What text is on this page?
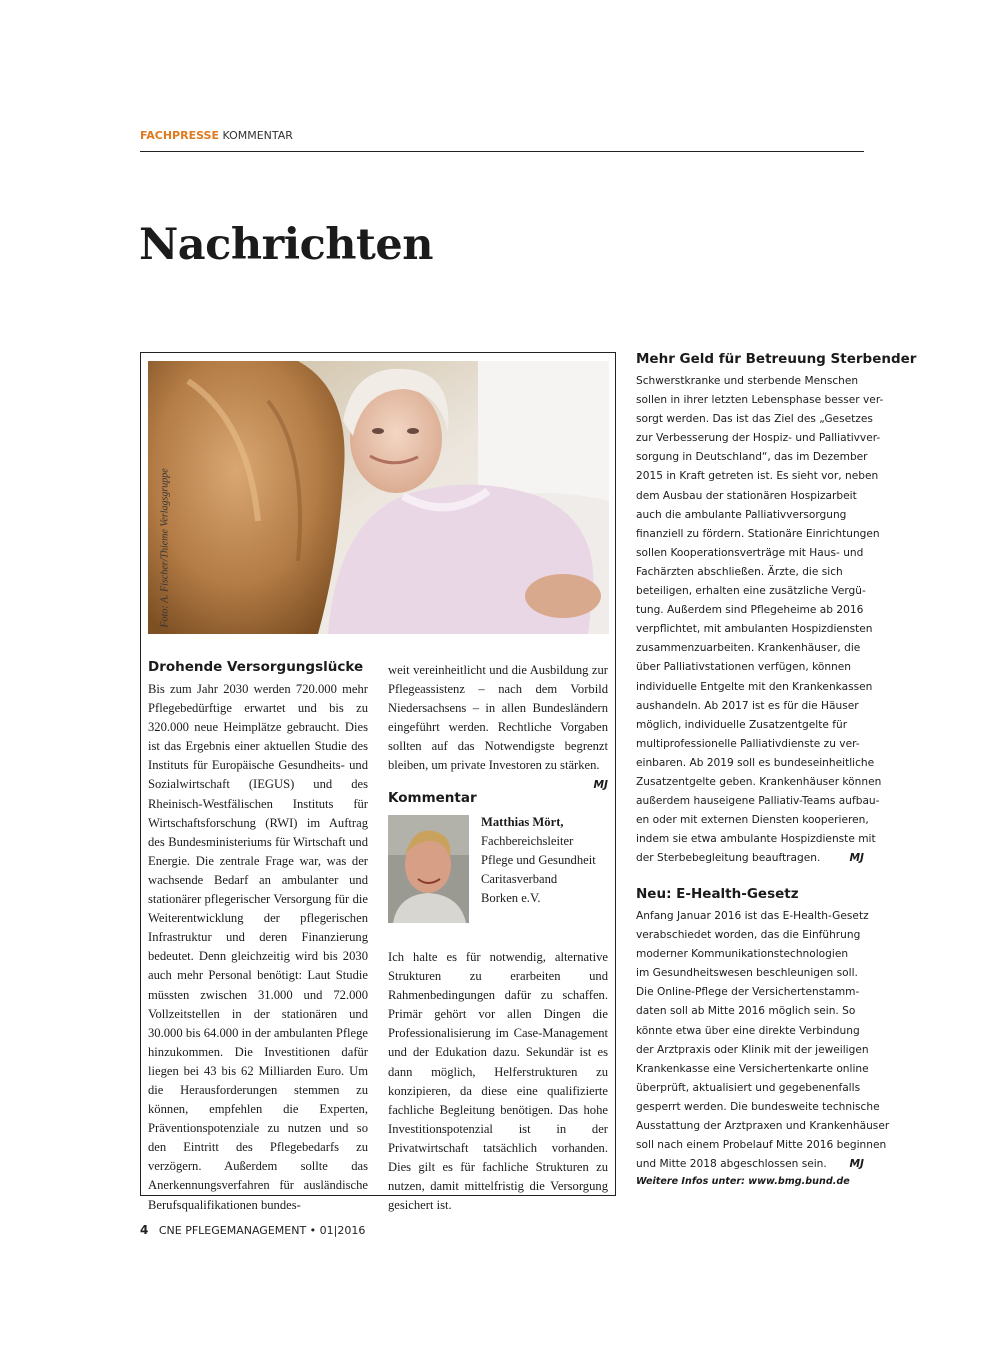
FACHPRESSE KOMMENTAR
Nachrichten
Foto: A. Fischer/Thieme Verlagsgruppe
Drohende Versorgungslücke
Bis zum Jahr 2030 werden 720.000 mehr Pflegebedürftige erwartet und bis zu 320.000 neue Heimplätze gebraucht. Dies ist das Ergebnis einer aktuellen Studie des Instituts für Europäische Gesundheits- und Sozialwirtschaft (IEGUS) und des Rheinisch-Westfälischen Instituts für Wirtschaftsforschung (RWI) im Auftrag des Bundesministeriums für Wirtschaft und Energie. Die zentrale Frage war, was der wachsende Bedarf an ambulanter und stationärer pflegerischer Versorgung für die Weiterentwicklung der pflegerischen Infrastruktur und deren Finanzierung bedeutet. Denn gleichzeitig wird bis 2030 auch mehr Personal benötigt: Laut Studie müssten zwischen 31.000 und 72.000 Vollzeitstellen in der stationären und 30.000 bis 64.000 in der ambulanten Pflege hinzukommen. Die Investitionen dafür liegen bei 43 bis 62 Milliarden Euro. Um die Herausforderungen stemmen zu können, empfehlen die Experten, Präventionspotenziale zu nutzen und so den Eintritt des Pflegebedarfs zu verzögern. Außerdem sollte das Anerkennungsverfahren für ausländische Berufsqualifikationen bundes-
weit vereinheitlicht und die Ausbildung zur Pflegeassistenz – nach dem Vorbild Niedersachsens – in allen Bundesländern eingeführt werden. Rechtliche Vorgaben sollten auf das Notwendigste begrenzt bleiben, um private Investoren zu stärken.
MJ
Kommentar
Matthias Mört,
Fachbereichsleiter
Pflege und Gesundheit
Caritasverband
Borken e.V.
Ich halte es für notwendig, alternative Strukturen zu erarbeiten und Rahmenbedingungen dafür zu schaffen. Primär gehört vor allen Dingen die Professionalisierung im Case-Management und der Edukation dazu. Sekundär ist es dann möglich, Helferstrukturen zu konzipieren, da diese eine qualifizierte fachliche Begleitung benötigen. Das hohe Investitionspotenzial ist in der Privatwirtschaft tatsächlich vorhanden. Dies gilt es für fachliche Strukturen zu nutzen, damit mittelfristig die Versorgung gesichert ist.
Mehr Geld für Betreuung Sterbender
Schwerstkranke und sterbende Menschen
sollen in ihrer letzten Lebensphase besser ver-
sorgt werden. Das ist das Ziel des „Gesetzes
zur Verbesserung der Hospiz- und Palliativver-
sorgung in Deutschland“, das im Dezember
2015 in Kraft getreten ist. Es sieht vor, neben
dem Ausbau der stationären Hospizarbeit
auch die ambulante Palliativversorgung
finanziell zu fördern. Stationäre Einrichtungen
sollen Kooperationsverträge mit Haus- und
Fachärzten abschließen. Ärzte, die sich
beteiligen, erhalten eine zusätzliche Vergü-
tung. Außerdem sind Pflegeheime ab 2016
verpflichtet, mit ambulanten Hospizdiensten
zusammenzuarbeiten. Krankenhäuser, die
über Palliativstationen verfügen, können
individuelle Entgelte mit den Krankenkassen
aushandeln. Ab 2017 ist es für die Häuser
möglich, individuelle Zusatzentgelte für
multiprofessionelle Palliativdienste zu ver-
einbaren. Ab 2019 soll es bundeseinheitliche
Zusatzentgelte geben. Krankenhäuser können
außerdem hauseigene Palliativ-Teams aufbau-
en oder mit externen Diensten kooperieren,
indem sie etwa ambulante Hospizdienste mit
der Sterbebegleitung beauftragen.	MJ
Neu: E-Health-Gesetz
Anfang Januar 2016 ist das E-Health-Gesetz
verabschiedet worden, das die Einführung
moderner Kommunikationstechnologien
im Gesundheitswesen beschleunigen soll.
Die Online-Pflege der Versichertenstamm-
daten soll ab Mitte 2016 möglich sein. So
könnte etwa über eine direkte Verbindung
der Arztpraxis oder Klinik mit der jeweiligen
Krankenkasse eine Versichertenkarte online
überprüft, aktualisiert und gegebenenfalls
gesperrt werden. Die bundesweite technische
Ausstattung der Arztpraxen und Krankenhäuser
soll nach einem Probelauf Mitte 2016 beginnen
und Mitte 2018 abgeschlossen sein. MJ
Weitere Infos unter: www.bmg.bund.de
4 CNE PFLEGEMANAGEMENT • 01|2016
